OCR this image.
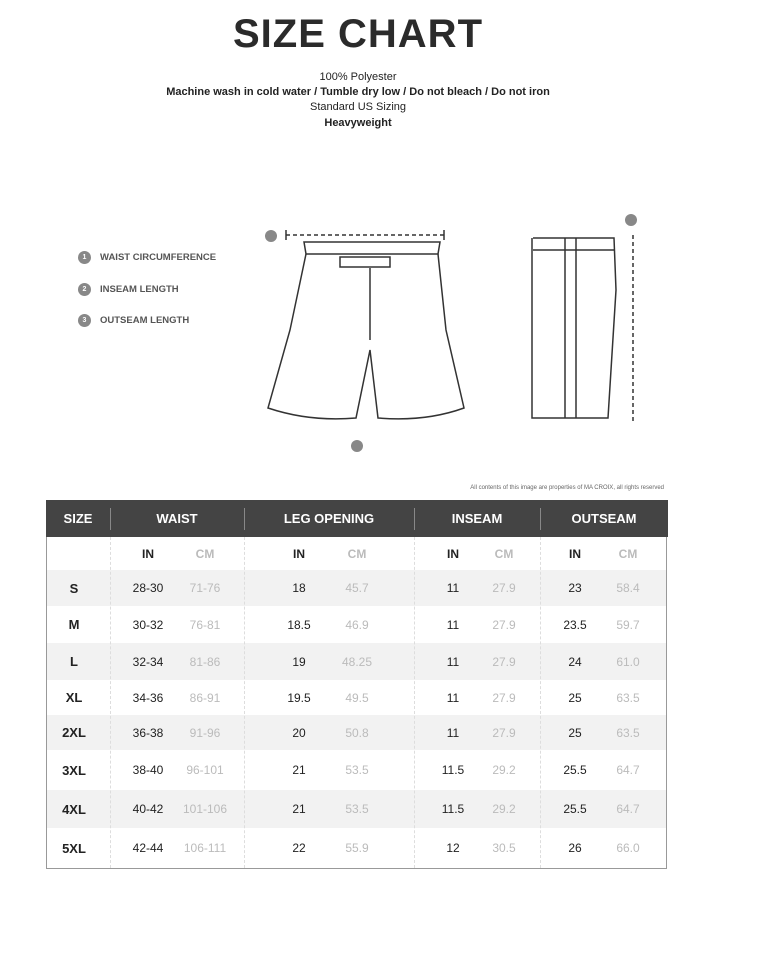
SIZE CHART
100% Polyester
Machine wash in cold water / Tumble dry low / Do not bleach / Do not iron
Standard US Sizing
Heavyweight
1	WAIST CIRCUMFERENCE
2	INSEAM LENGTH
3	OUTSEAM LENGTH
All contents of this image are properties of MA CROIX, all rights reserved
SIZE	WAIST	LEG OPENING	INSEAM	OUTSEAM
IN	CM	IN	CM	IN	CM	IN	CM
S	28-30	71-76	18	45.7	11	27.9	23	58.4
M	30-32	76-81	18.5	46.9	11	27.9	23.5	59.7
L	32-34	81-86	19	48.25	11	27.9	24	61.0
XL	34-36	86-91	19.5	49.5	11	27.9	25	63.5
2XL	36-38	91-96	20	50.8	11	27.9	25	63.5
3XL	38-40	96-101	21	53.5	11.5	29.2	25.5	64.7
4XL	40-42	101-106	21	53.5	11.5	29.2	25.5	64.7
5XL	42-44	106-111	22	55.9	12	30.5	26	66.0
